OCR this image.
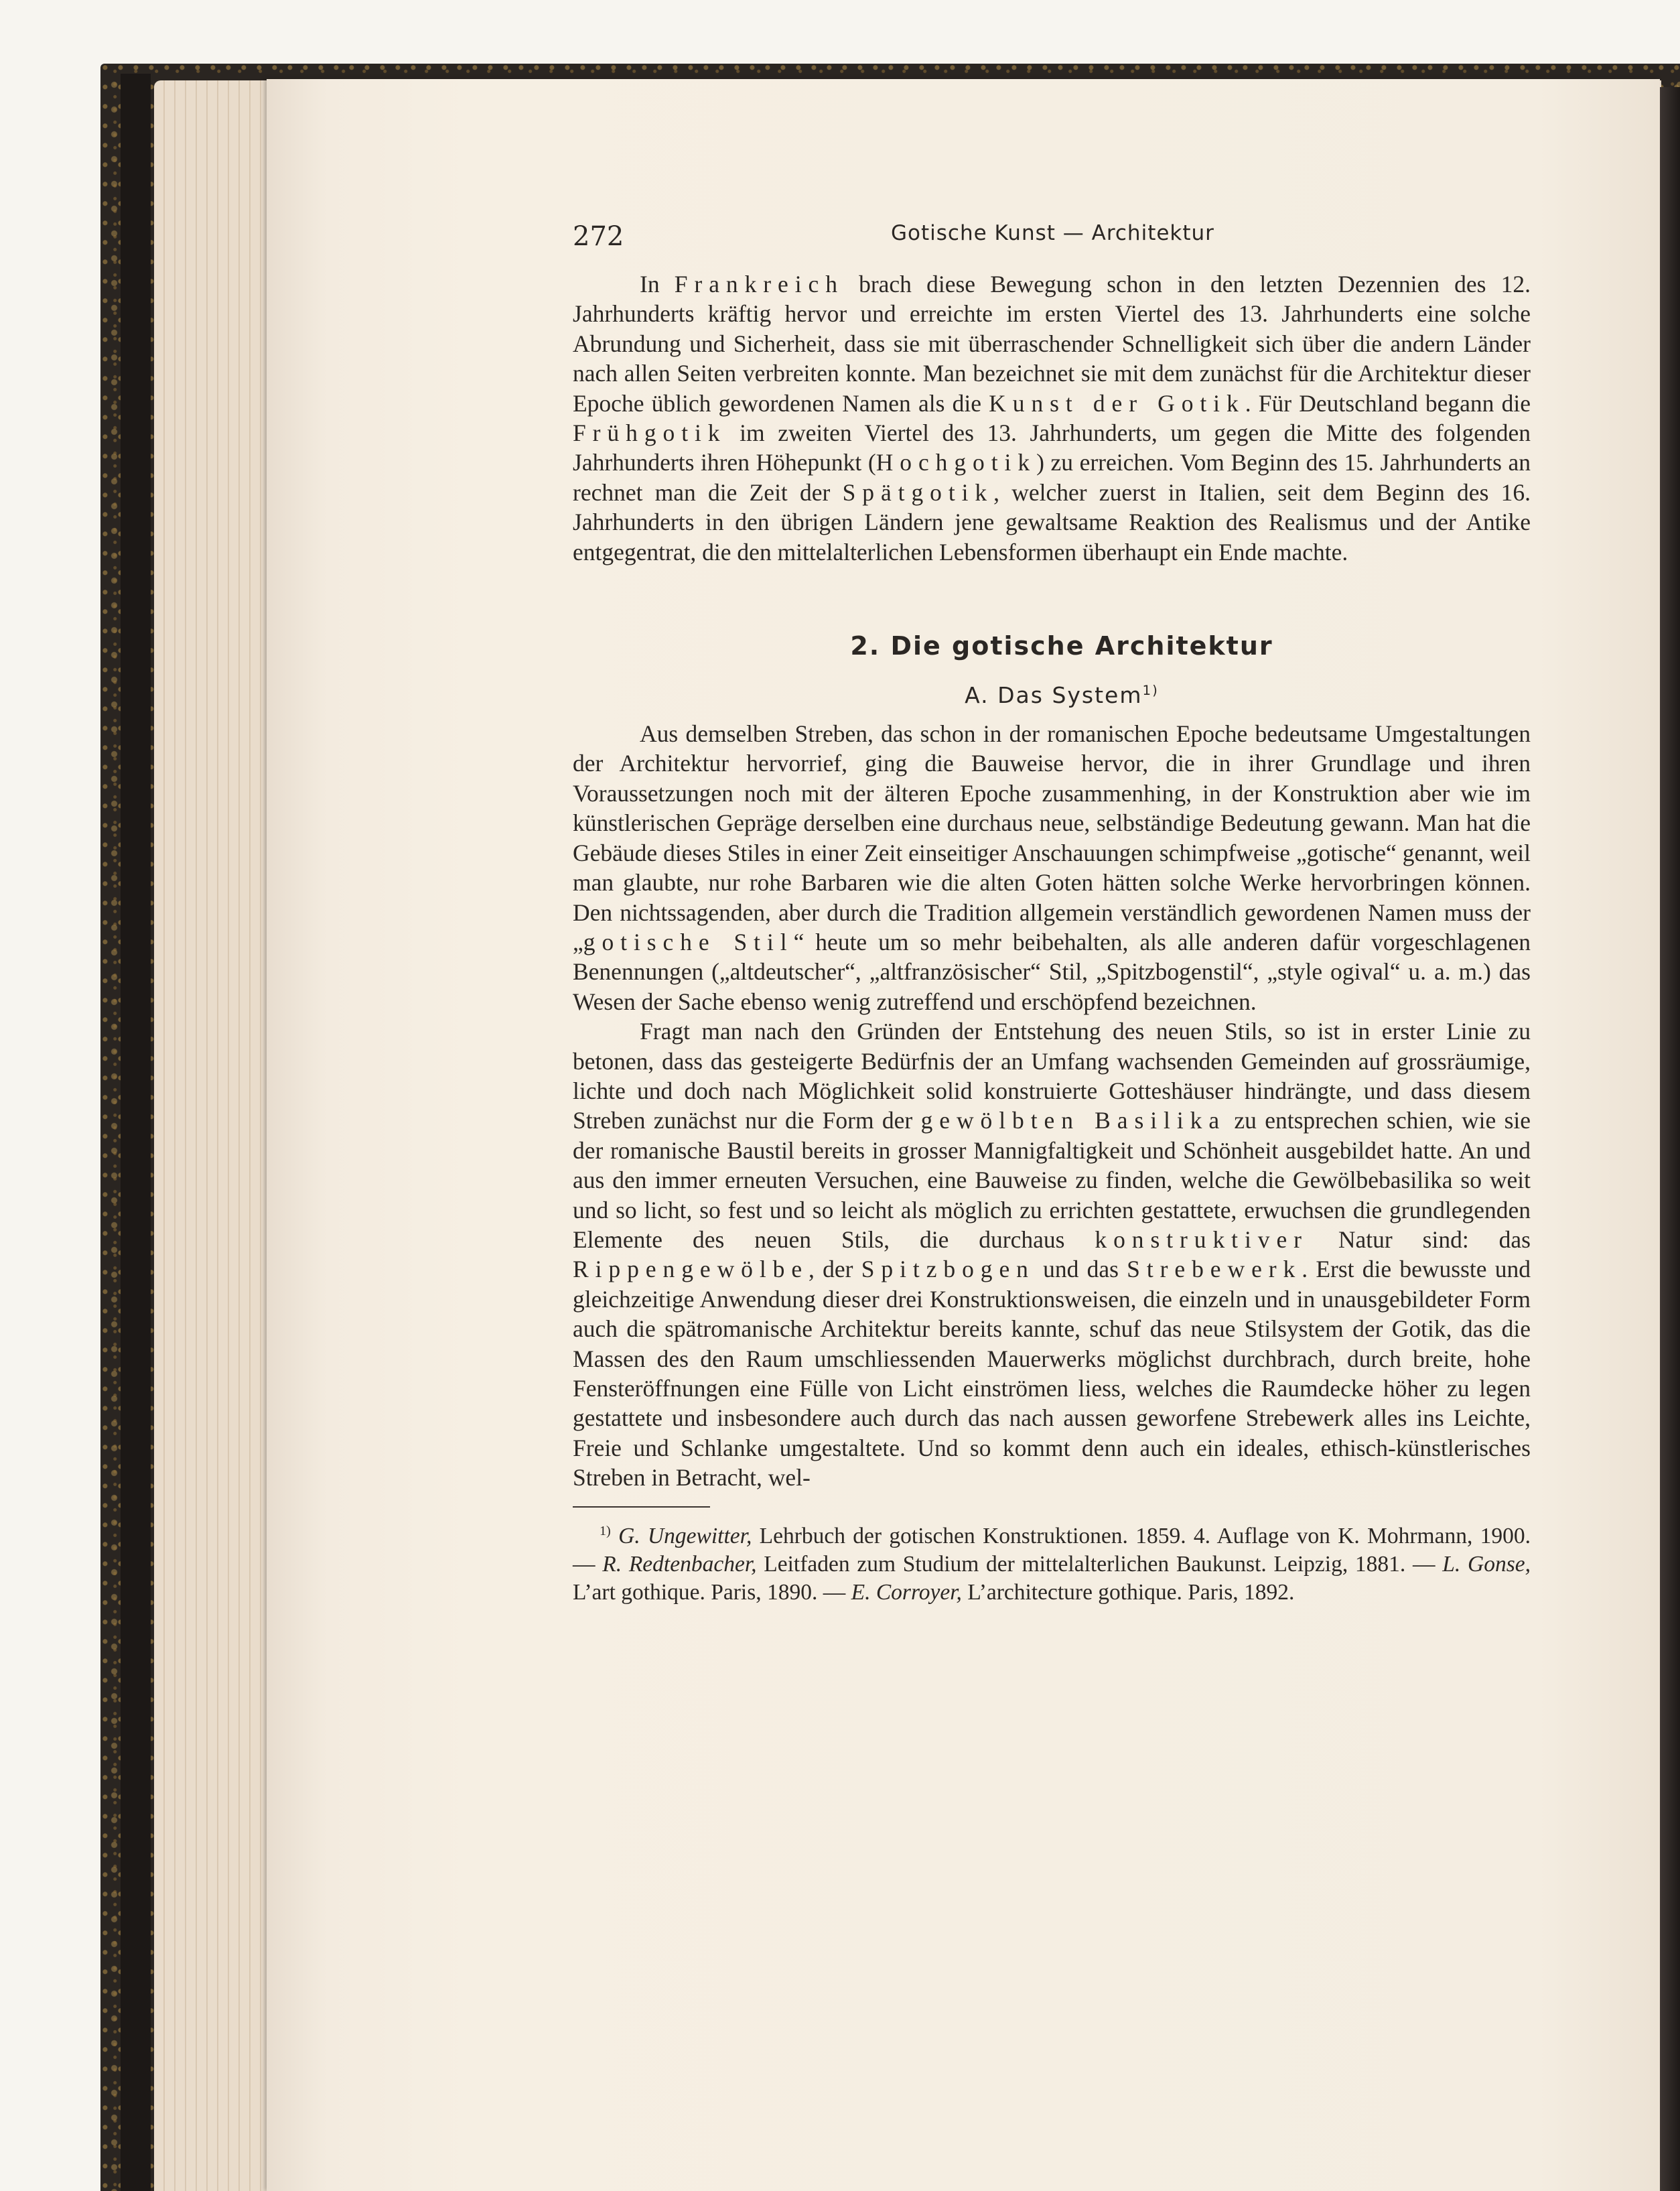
272	Gotische Kunst — Architektur

In Frankreich brach diese Bewegung schon in den letzten Dezennien des 12. Jahrhunderts kräftig hervor und erreichte im ersten Viertel des 13. Jahrhunderts eine solche Abrundung und Sicherheit, dass sie mit überraschender Schnelligkeit sich über die andern Länder nach allen Seiten verbreiten konnte. Man bezeichnet sie mit dem zunächst für die Architektur dieser Epoche üblich gewordenen Namen als die Kunst der Gotik. Für Deutschland begann die Frühgotik im zweiten Viertel des 13. Jahrhunderts, um gegen die Mitte des folgenden Jahrhunderts ihren Höhepunkt (Hochgotik) zu erreichen. Vom Beginn des 15. Jahrhunderts an rechnet man die Zeit der Spätgotik, welcher zuerst in Italien, seit dem Beginn des 16. Jahrhunderts in den übrigen Ländern jene gewaltsame Reaktion des Realismus und der Antike entgegentrat, die den mittelalterlichen Lebensformen überhaupt ein Ende machte.

2. Die gotische Architektur
A. Das System$^{1)}$

Aus demselben Streben, das schon in der romanischen Epoche bedeutsame Umgestaltungen der Architektur hervorrief, ging die Bauweise hervor, die in ihrer Grundlage und ihren Voraussetzungen noch mit der älteren Epoche zusammenhing, in der Konstruktion aber wie im künstlerischen Gepräge derselben eine durchaus neue, selbständige Bedeutung gewann. Man hat die Gebäude dieses Stiles in einer Zeit einseitiger Anschauungen schimpfweise „gotische“ genannt, weil man glaubte, nur rohe Barbaren wie die alten Goten hätten solche Werke hervorbringen können. Den nichtssagenden, aber durch die Tradition allgemein verständlich gewordenen Namen muss der „gotische Stil“ heute um so mehr beibehalten, als alle anderen dafür vorgeschlagenen Benennungen („altdeutscher“, „altfranzösischer“ Stil, „Spitzbogenstil“, „style ogival“ u. a. m.) das Wesen der Sache ebenso wenig zutreffend und erschöpfend bezeichnen.

Fragt man nach den Gründen der Entstehung des neuen Stils, so ist in erster Linie zu betonen, dass das gesteigerte Bedürfnis der an Umfang wachsenden Gemeinden auf grossräumige, lichte und doch nach Möglichkeit solid konstruierte Gotteshäuser hindrängte, und dass diesem Streben zunächst nur die Form der gewölbten Basilika zu entsprechen schien, wie sie der romanische Baustil bereits in grosser Mannigfaltigkeit und Schönheit ausgebildet hatte. An und aus den immer erneuten Versuchen, eine Bauweise zu finden, welche die Gewölbebasilika so weit und so licht, so fest und so leicht als möglich zu errichten gestattete, erwuchsen die grundlegenden Elemente des neuen Stils, die durchaus konstruktiver Natur sind: das Rippengewölbe, der Spitzbogen und das Strebewerk. Erst die bewusste und gleichzeitige Anwendung dieser drei Konstruktionsweisen, die einzeln und in unausgebildeter Form auch die spätromanische Architektur bereits kannte, schuf das neue Stilsystem der Gotik, das die Massen des den Raum umschliessenden Mauerwerks möglichst durchbrach, durch breite, hohe Fensteröffnungen eine Fülle von Licht einströmen liess, welches die Raumdecke höher zu legen gestattete und insbesondere auch durch das nach aussen geworfene Strebewerk alles ins Leichte, Freie und Schlanke umgestaltete. Und so kommt denn auch ein ideales, ethisch-künstlerisches Streben in Betracht, wel-

$^{1)}$ G. Ungewitter, Lehrbuch der gotischen Konstruktionen. 1859. 4. Auflage von K. Mohrmann, 1900. — R. Redtenbacher, Leitfaden zum Studium der mittelalterlichen Baukunst. Leipzig, 1881. — L. Gonse, L’art gothique. Paris, 1890. — E. Corroyer, L’architecture gothique. Paris, 1892.
